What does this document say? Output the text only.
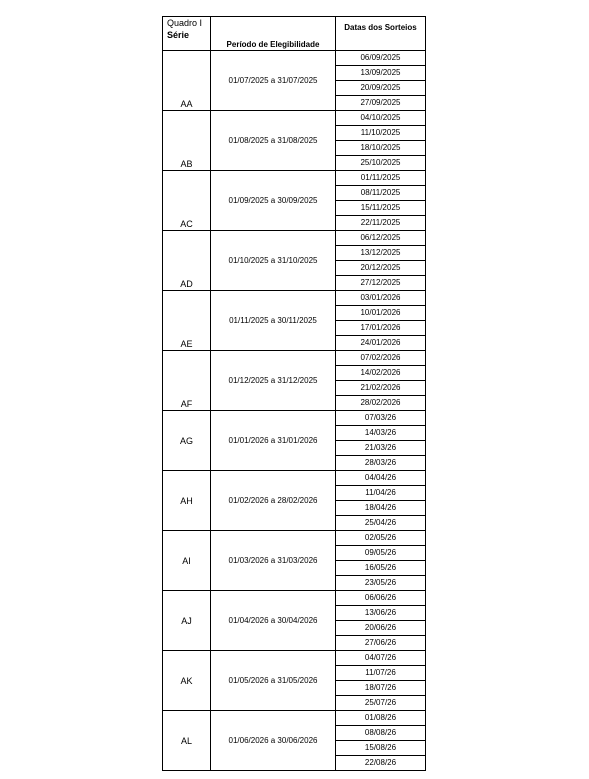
Quadro I
Série	Período de Elegibilidade	Datas dos Sorteios
AA	01/07/2025 a 31/07/2025	06/09/2025
		13/09/2025
		20/09/2025
		27/09/2025
AB	01/08/2025 a 31/08/2025	04/10/2025
		11/10/2025
		18/10/2025
		25/10/2025
AC	01/09/2025 a 30/09/2025	01/11/2025
		08/11/2025
		15/11/2025
		22/11/2025
AD	01/10/2025 a 31/10/2025	06/12/2025
		13/12/2025
		20/12/2025
		27/12/2025
AE	01/11/2025 a 30/11/2025	03/01/2026
		10/01/2026
		17/01/2026
		24/01/2026
AF	01/12/2025 a 31/12/2025	07/02/2026
		14/02/2026
		21/02/2026
		28/02/2026
AG	01/01/2026 a 31/01/2026	07/03/26
		14/03/26
		21/03/26
		28/03/26
AH	01/02/2026 a 28/02/2026	04/04/26
		11/04/26
		18/04/26
		25/04/26
AI	01/03/2026 a 31/03/2026	02/05/26
		09/05/26
		16/05/26
		23/05/26
AJ	01/04/2026 a 30/04/2026	06/06/26
		13/06/26
		20/06/26
		27/06/26
AK	01/05/2026 a 31/05/2026	04/07/26
		11/07/26
		18/07/26
		25/07/26
AL	01/06/2026 a 30/06/2026	01/08/26
		08/08/26
		15/08/26
		22/08/26
